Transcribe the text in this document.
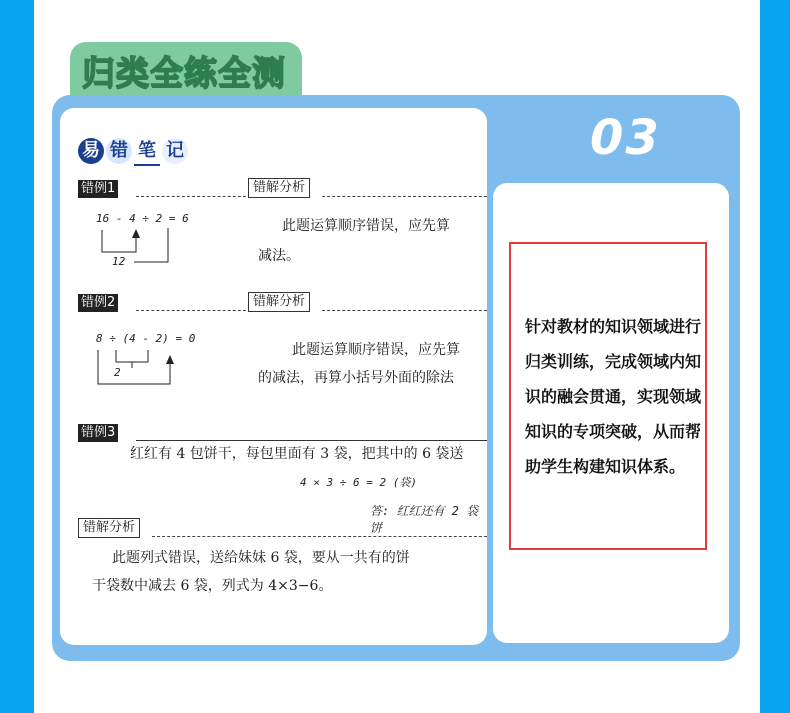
归类全练全测
03
易 错 笔 记
错例1	错解分析
16 - 4 ÷ 2 = 6
12
此题运算顺序错误，应先算
减法。
错例2	错解分析
8 ÷ (4 - 2) = 0
2
此题运算顺序错误，应先算
的减法，再算小括号外面的除法
错例3
红红有 4 包饼干，每包里面有 3 袋，把其中的 6 袋送
4 × 3 ÷ 6 = 2 (袋)
答: 红红还有 2 袋饼
错解分析
此题列式错误，送给妹妹 6 袋，要从一共有的饼
干袋数中减去 6 袋，列式为 4×3−6。

针对教材的知识领域进行归类训练，完成领域内知识的融会贯通，实现领域知识的专项突破，从而帮助学生构建知识体系。
